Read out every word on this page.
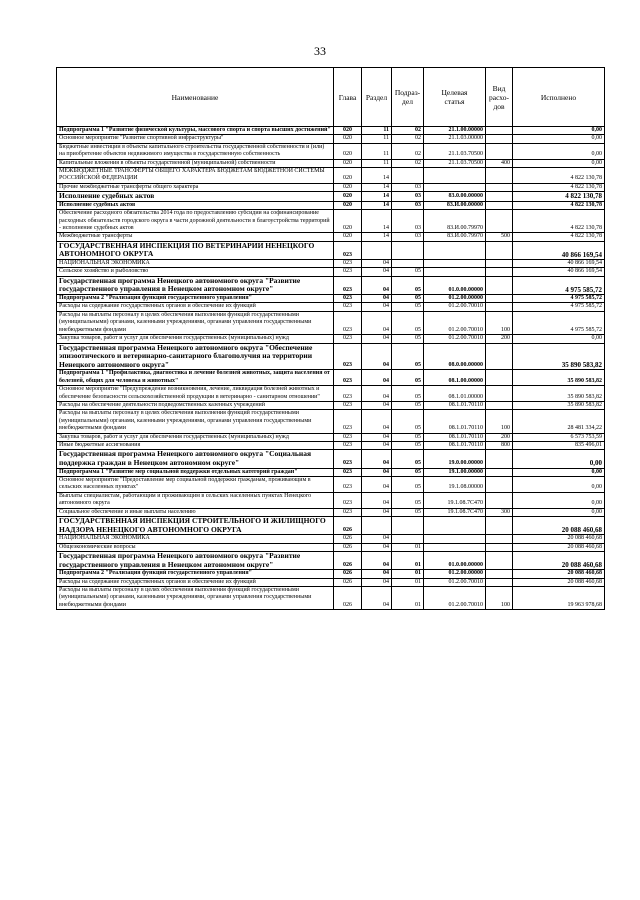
33
Наименование	Глава	Раздел	Подраз-
дел	Целевая
статья	Вид
расхо-
дов	Исполнено
Подпрограмма 1 "Развитие физической культуры, массового спорта и спорта высших достижений"	020	11	02	21.1.00.00000		0,00
Основное мероприятие "Развитие спортивной инфраструктуры"	020	11	02	21.1.03.00000		0,00
Бюджетные инвестиции в объекты капитального строительства государственной собственности и (или) на приобретение объектов недвижимого имущества в государственную собственность	020	11	02	21.1.03.70500		0,00
Капитальные вложения в объекты государственной (муниципальной) собственности	020	11	02	21.1.03.70500	400	0,00
МЕЖБЮДЖЕТНЫЕ ТРАНСФЕРТЫ ОБЩЕГО ХАРАКТЕРА БЮДЖЕТАМ БЮДЖЕТНОЙ СИСТЕМЫ РОССИЙСКОЙ ФЕДЕРАЦИИ	020	14				4 822 130,78
Прочие межбюджетные трансферты общего характера	020	14	03			4 822 130,78
Исполнение судебных актов	020	14	03	83.0.00.00000		4 822 130,78
Исполнение судебных актов	020	14	03	83.И.00.00000		4 822 130,78
Обеспечение расходного обязательства 2014 года по предоставлению субсидии на софинансирование расходных обязательств городского округа в части дорожной деятельности в благоустройства территорий - исполнение судебных актов	020	14	03	83.И.00.79970		4 822 130,78
Межбюджетные трансферты	020	14	03	83.И.00.79970	500	4 822 130,78
ГОСУДАРСТВЕННАЯ ИНСПЕКЦИЯ ПО ВЕТЕРИНАРИИ НЕНЕЦКОГО АВТОНОМНОГО ОКРУГА	023					40 866 169,54
НАЦИОНАЛЬНАЯ ЭКОНОМИКА	023	04				40 866 169,54
Сельское хозяйство и рыболовство	023	04	05			40 866 169,54
Государственная программа Ненецкого автономного округа "Развитие государственного управления в Ненецком автономном округе"	023	04	05	01.0.00.00000		4 975 585,72
Подпрограмма 2 "Реализация функций государственного управления"	023	04	05	01.2.00.00000		4 975 585,72
Расходы на содержание государственных органов и обеспечение их функций	023	04	05	01.2.00.70010		4 975 585,72
Расходы на выплаты персоналу в целях обеспечения выполнения функций государственными (муниципальными) органами, казенными учреждениями, органами управления государственными внебюджетными фондами	023	04	05	01.2.00.70010	100	4 975 585,72
Закупка товаров, работ и услуг для обеспечения государственных (муниципальных) нужд	023	04	05	01.2.00.70010	200	0,00
Государственная программа Ненецкого автономного округа "Обеспечение эпизоотического и ветеринарно-санитарного благополучия на территории Ненецкого автономного округа"	023	04	05	08.0.00.00000		35 890 583,82
Подпрограмма 1 "Профилактика, диагностика и лечение болезней животных, защита населения от болезней, общих для человека и животных"	023	04	05	08.1.00.00000		35 890 583,82
Основное мероприятие "Предупреждение возникновения, лечение, ликвидация болезней животных и обеспечение безопасности сельскохозяйственной продукции в ветеринарно - санитарном отношении"	023	04	05	08.1.01.00000		35 890 583,82
Расходы на обеспечение деятельности подведомственных казенных учреждений	023	04	05	08.1.01.70110		35 890 583,82
Расходы на выплаты персоналу в целях обеспечения выполнения функций государственными (муниципальными) органами, казенными учреждениями, органами управления государственными внебюджетными фондами	023	04	05	08.1.01.70110	100	28 481 334,22
Закупка товаров, работ и услуг для обеспечения государственных (муниципальных) нужд	023	04	05	08.1.01.70110	200	6 573 753,59
Иные бюджетные ассигнования	023	04	05	08.1.01.70110	800	835 496,01
Государственная программа Ненецкого автономного округа "Социальная поддержка граждан в Ненецком автономном округе"	023	04	05	19.0.00.00000		0,00
Подпрограмма 1 "Развитие мер социальной поддержки отдельных категорий граждан"	023	04	05	19.1.00.00000		0,00
Основное мероприятие "Предоставление мер социальной поддержки гражданам, проживающим в сельских населенных пунктах"	023	04	05	19.1.08.00000		0,00
Выплаты специалистам, работающим и проживающим в сельских населенных пунктах Ненецкого автономного округа	023	04	05	19.1.08.7С470		0,00
Социальное обеспечение и иные выплаты населению	023	04	05	19.1.08.7С470	300	0,00
ГОСУДАРСТВЕННАЯ ИНСПЕКЦИЯ СТРОИТЕЛЬНОГО И ЖИЛИЩНОГО НАДЗОРА НЕНЕЦКОГО АВТОНОМНОГО ОКРУГА	026					20 088 460,68
НАЦИОНАЛЬНАЯ ЭКОНОМИКА	026	04				20 088 460,68
Общеэкономические вопросы	026	04	01			20 088 460,68
Государственная программа Ненецкого автономного округа "Развитие государственного управления в Ненецком автономном округе"	026	04	01	01.0.00.00000		20 088 460,68
Подпрограмма 2 "Реализация функций государственного управления"	026	04	01	01.2.00.00000		20 088 460,68
Расходы на содержание государственных органов и обеспечение их функций	026	04	01	01.2.00.70010		20 088 460,68
Расходы на выплаты персоналу в целях обеспечения выполнения функций государственными (муниципальными) органами, казенными учреждениями, органами управления государственными внебюджетными фондами	026	04	01	01.2.00.70010	100	19 963 978,68
